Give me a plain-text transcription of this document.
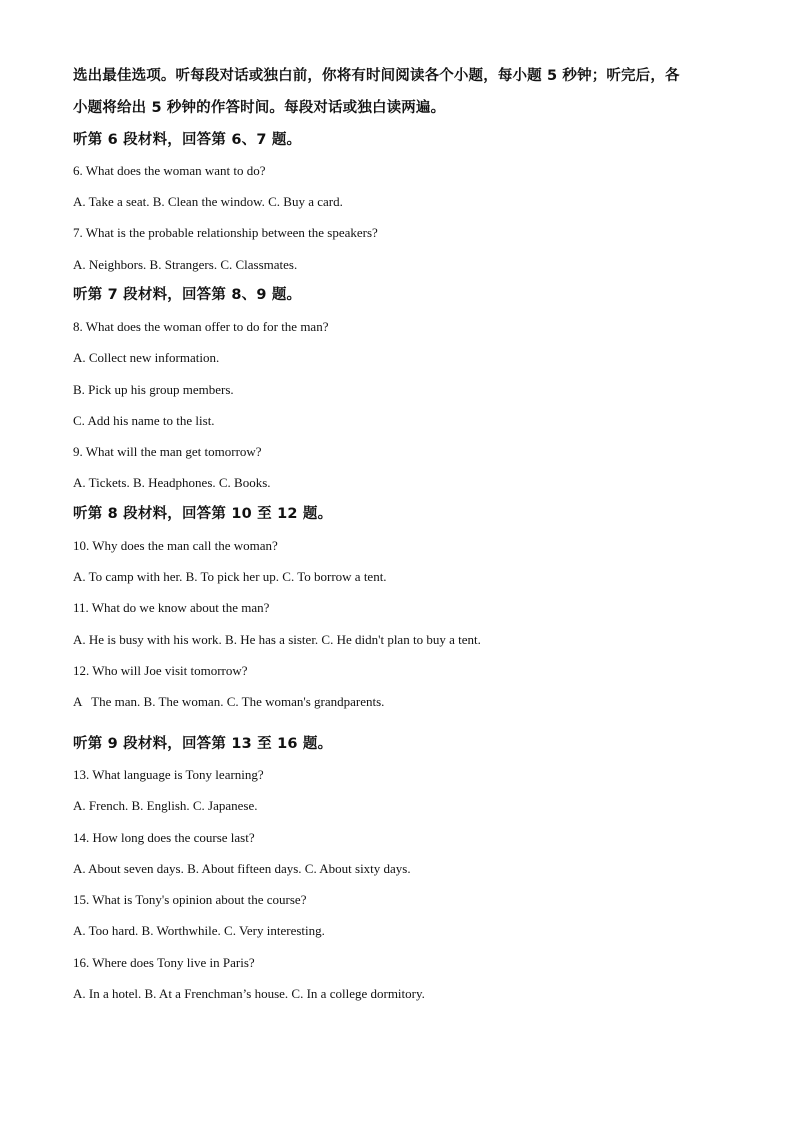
选出最佳选项。听每段对话或独白前，你将有时间阅读各个小题，每小题 5 秒钟；听完后，各
小题将给出 5 秒钟的作答时间。每段对话或独白读两遍。
听第 6 段材料，回答第 6、7 题。
6. What does the woman want to do?
A. Take a seat. B. Clean the window. C. Buy a card.
7. What is the probable relationship between the speakers?
A. Neighbors. B. Strangers. C. Classmates.
听第 7 段材料，回答第 8、9 题。
8. What does the woman offer to do for the man?
A. Collect new information.
B. Pick up his group members.
C. Add his name to the list.
9. What will the man get tomorrow?
A. Tickets. B. Headphones. C. Books.
听第 8 段材料，回答第 10 至 12 题。
10. Why does the man call the woman?
A. To camp with her. B. To pick her up. C. To borrow a tent.
11. What do we know about the man?
A. He is busy with his work. B. He has a sister. C. He didn't plan to buy a tent.
12. Who will Joe visit tomorrow?
A   The man. B. The woman. C. The woman's grandparents.
听第 9 段材料，回答第 13 至 16 题。
13. What language is Tony learning?
A. French. B. English. C. Japanese.
14. How long does the course last?
A. About seven days. B. About fifteen days. C. About sixty days.
15. What is Tony's opinion about the course?
A. Too hard. B. Worthwhile. C. Very interesting.
16. Where does Tony live in Paris?
A. In a hotel. B. At a Frenchman’s house. C. In a college dormitory.
